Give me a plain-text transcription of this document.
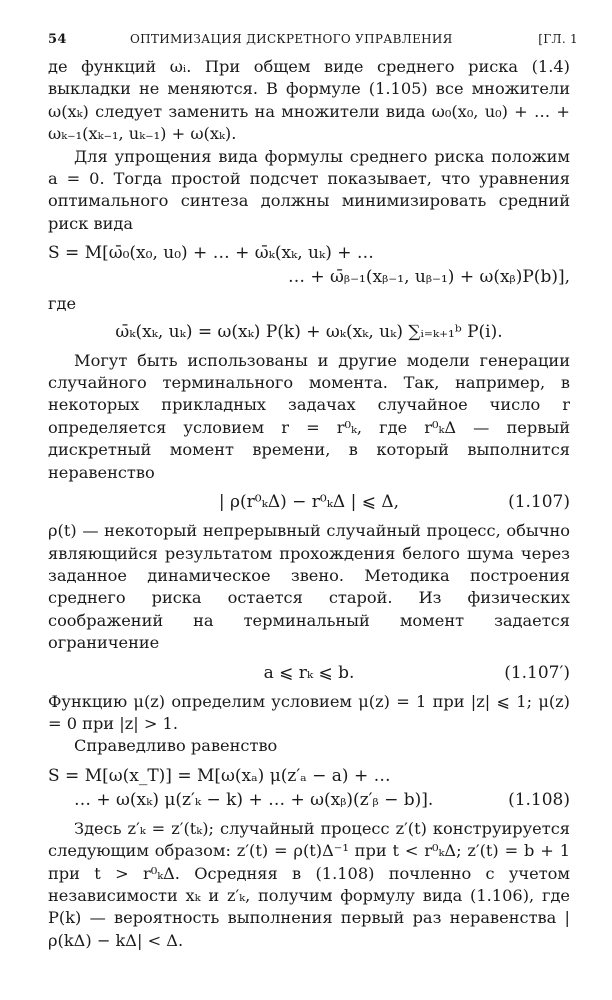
54	ОПТИМИЗАЦИЯ ДИСКРЕТНОГО УПРАВЛЕНИЯ	[ГЛ. 1

де функций ωᵢ. При общем виде среднего риска (1.4) выкладки не меняются. В формуле (1.105) все множители ω(xₖ) следует заменить на множители вида ω₀(x₀, u₀) + … + ωₖ₋₁(xₖ₋₁, uₖ₋₁) + ω(xₖ).

Для упрощения вида формулы среднего риска положим a = 0. Тогда простой подсчет показывает, что уравнения оптимального синтеза должны минимизировать средний риск вида

S = M[ω̄₀(x₀, u₀) + … + ω̄ₖ(xₖ, uₖ) + …
… + ω̄ᵦ₋₁(xᵦ₋₁, uᵦ₋₁) + ω(xᵦ)P(b)],

где

ω̄ₖ(xₖ, uₖ) = ω(xₖ) P(k) + ωₖ(xₖ, uₖ) ∑ᵢ₌ₖ₊₁ᵇ P(i).

Могут быть использованы и другие модели генерации случайного терминального момента. Так, например, в некоторых прикладных задачах случайное число r определяется условием r = r⁰ₖ, где r⁰ₖΔ — первый дискретный момент времени, в который выполнится неравенство

| ρ(r⁰ₖΔ) − r⁰ₖΔ | ⩽ Δ,	(1.107)

ρ(t) — некоторый непрерывный случайный процесс, обычно являющийся результатом прохождения белого шума через заданное динамическое звено. Методика построения среднего риска остается старой. Из физических соображений на терминальный момент задается ограничение

a ⩽ rₖ ⩽ b.	(1.107′)

Функцию μ(z) определим условием μ(z) = 1 при |z| ⩽ 1; μ(z) = 0 при |z| > 1.

Справедливо равенство

S = M[ω(x_T)] = M[ω(xₐ) μ(z′ₐ − a) + …
… + ω(xₖ) μ(z′ₖ − k) + … + ω(xᵦ)(z′ᵦ − b)].	(1.108)

Здесь z′ₖ = z′(tₖ); случайный процесс z′(t) конструируется следующим образом: z′(t) = ρ(t)Δ⁻¹ при t < r⁰ₖΔ; z′(t) = b + 1 при t > r⁰ₖΔ. Осредняя в (1.108) почленно с учетом независимости xₖ и z′ₖ, получим формулу вида (1.106), где P(k) — вероятность выполнения первый раз неравенства |ρ(kΔ) − kΔ| < Δ.
